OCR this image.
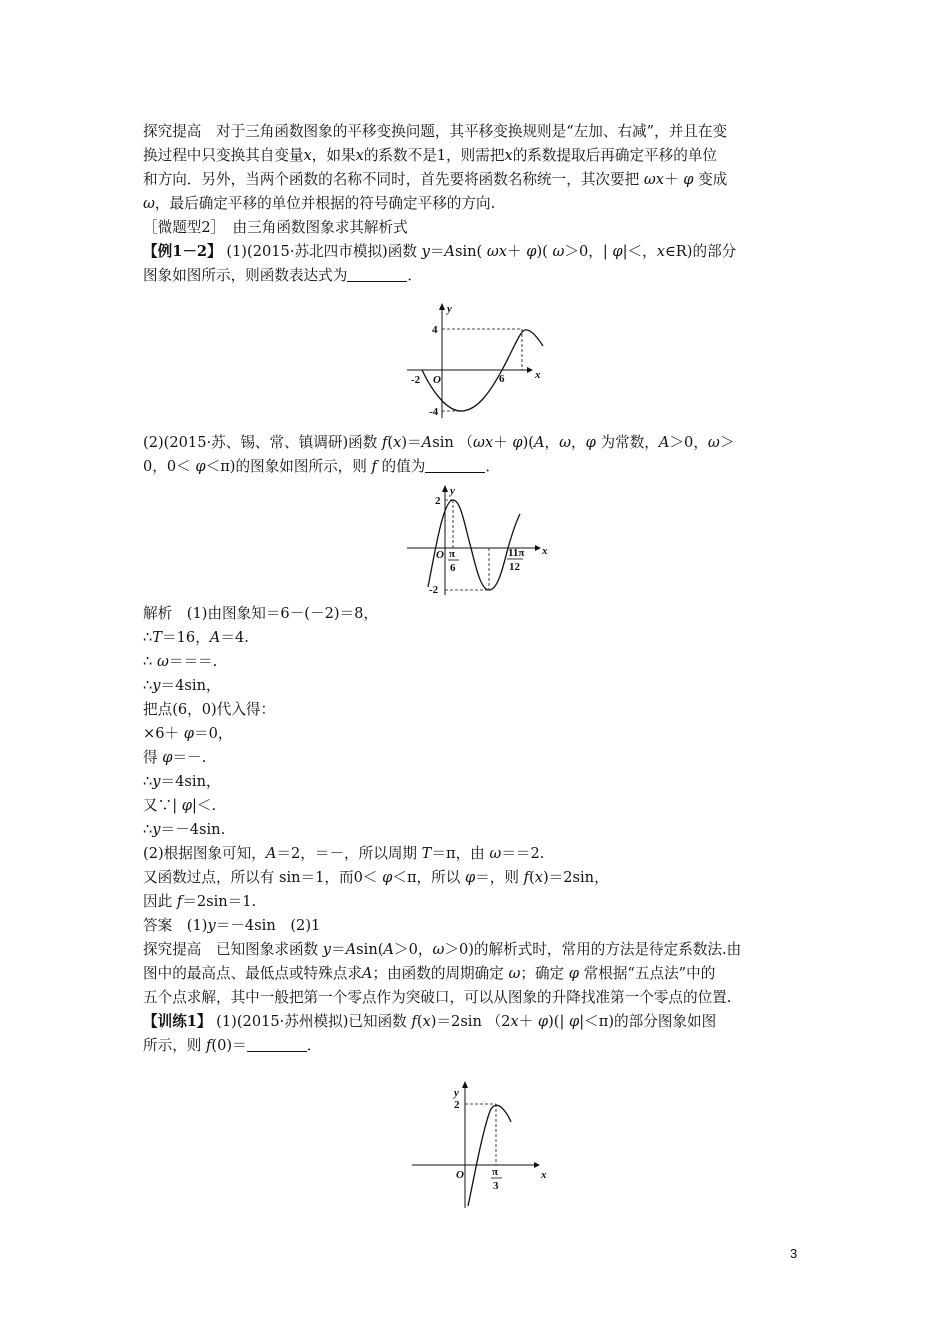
探究提高　对于三角函数图象的平移变换问题，其平移变换规则是“左加、右减”，并且在变
换过程中只变换其自变量x，如果x的系数不是1，则需把x的系数提取后再确定平移的单位
和方向．另外，当两个函数的名称不同时，首先要将函数名称统一，其次要把 ωx＋ φ 变成
ω，最后确定平移的单位并根据的符号确定平移的方向.
［微题型2］　由三角函数图象求其解析式
【例1－2】 (1)(2015·苏北四市模拟)函数 y＝Asin( ωx＋ φ)( ω＞0，| φ|＜，x∈R)的部分
图象如图所示，则函数表达式为	．
y
x
4
-4
-2 O	6
(2)(2015·苏、锡、常、镇调研)函数 f(x)＝Asin （ωx＋ φ)(A，ω，φ 为常数，A＞0，ω＞
0，0＜ φ＜π)的图象如图所示，则 f 的值为	．
y
x
2
-2
O π
6
11π
12
解析　(1)由图象知＝6－(－2)＝8，
∴T＝16，A＝4.
∴ ω＝＝＝.
∴y＝4sin，
把点(6，0)代入得：
×6＋ φ＝0，
得 φ＝－.
∴y＝4sin，
又∵| φ|＜.
∴y＝－4sin.
(2)根据图象可知，A＝2，＝－，所以周期 T＝π，由 ω＝＝2.
又函数过点，所以有 sin＝1，而0＜ φ＜π，所以 φ＝，则 f(x)＝2sin，
因此 f＝2sin＝1.
答案　(1)y＝－4sin　(2)1
探究提高　已知图象求函数 y＝Asin(A＞0，ω＞0)的解析式时，常用的方法是待定系数法.由
图中的最高点、最低点或特殊点求A；由函数的周期确定 ω；确定 φ 常根据“五点法”中的
五个点求解，其中一般把第一个零点作为突破口，可以从图象的升降找准第一个零点的位置.
【训练1】 (1)(2015·苏州模拟)已知函数 f(x)＝2sin （2x＋ φ)(| φ|＜π)的部分图象如图
所示，则 f(0)＝	．
y
x
2
O	π
3
3
